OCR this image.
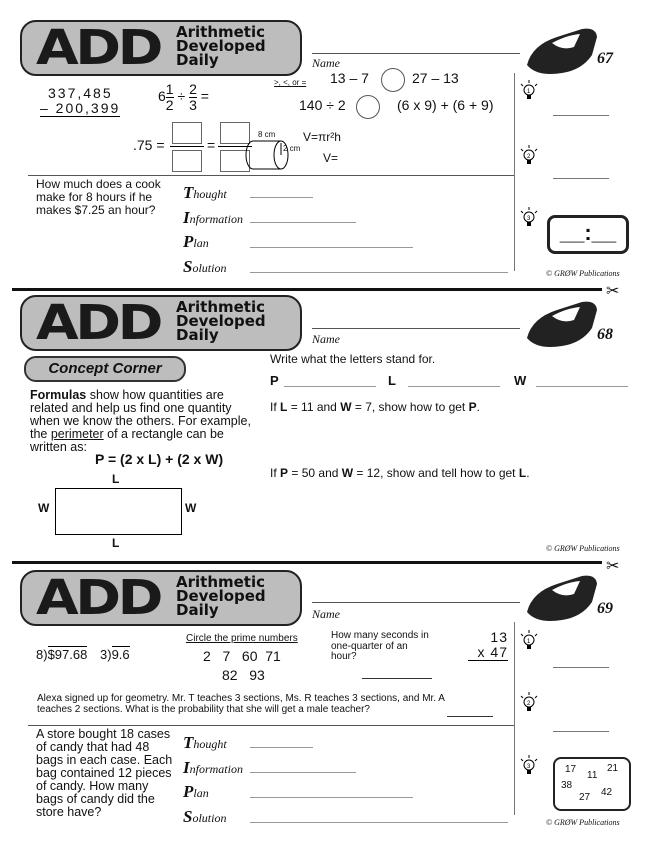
ADD Arithmetic
Developed
Daily	Name	67
337,485
– 200,399
$6 \frac{1}{2} \div \frac{2}{3}$ =
>, <, or = 13 – 7	27 – 13
140 ÷ 2	(6 x 9) + (6 + 9)
.75 =	=
8 cm
2 cm
V=πr²h
V=
How much does a cook make for 8 hours if he makes $7.25 an hour?
Thought
Information
Plan
Solution
1
2
3
__:__
© GRØW Publications
✂
ADD Arithmetic
Developed
Daily	Name	68
Concept Corner
Formulas show how quantities are related and help us find one quantity when we know the others. For example, the perimeter of a rectangle can be written as:
P = (2 x L) + (2 x W)
L
L
W	W
Write what the letters stand for.
P	L	W
If L = 11 and W = 7, show how to get P.
If P = 50 and W = 12, show and tell how to get L.
© GRØW Publications
✂
ADD Arithmetic
Developed
Daily	Name	69
8)$97.68 3)9.6
Circle the prime numbers
2   7   60  71
82   93
How many seconds in one-quarter of an hour?
13
x 47
Alexa signed up for geometry. Mr. T teaches 3 sections, Ms. R teaches 3 sections, and Mr. A teaches 2 sections. What is the probability that she will get a male teacher?
A store bought 18 cases of candy that had 48 bags in each case. Each bag contained 12 pieces of candy. How many bags of candy did the store have?
Thought
Information
Plan
Solution
1
2
3	17
11
21
38
27 42
© GRØW Publications
